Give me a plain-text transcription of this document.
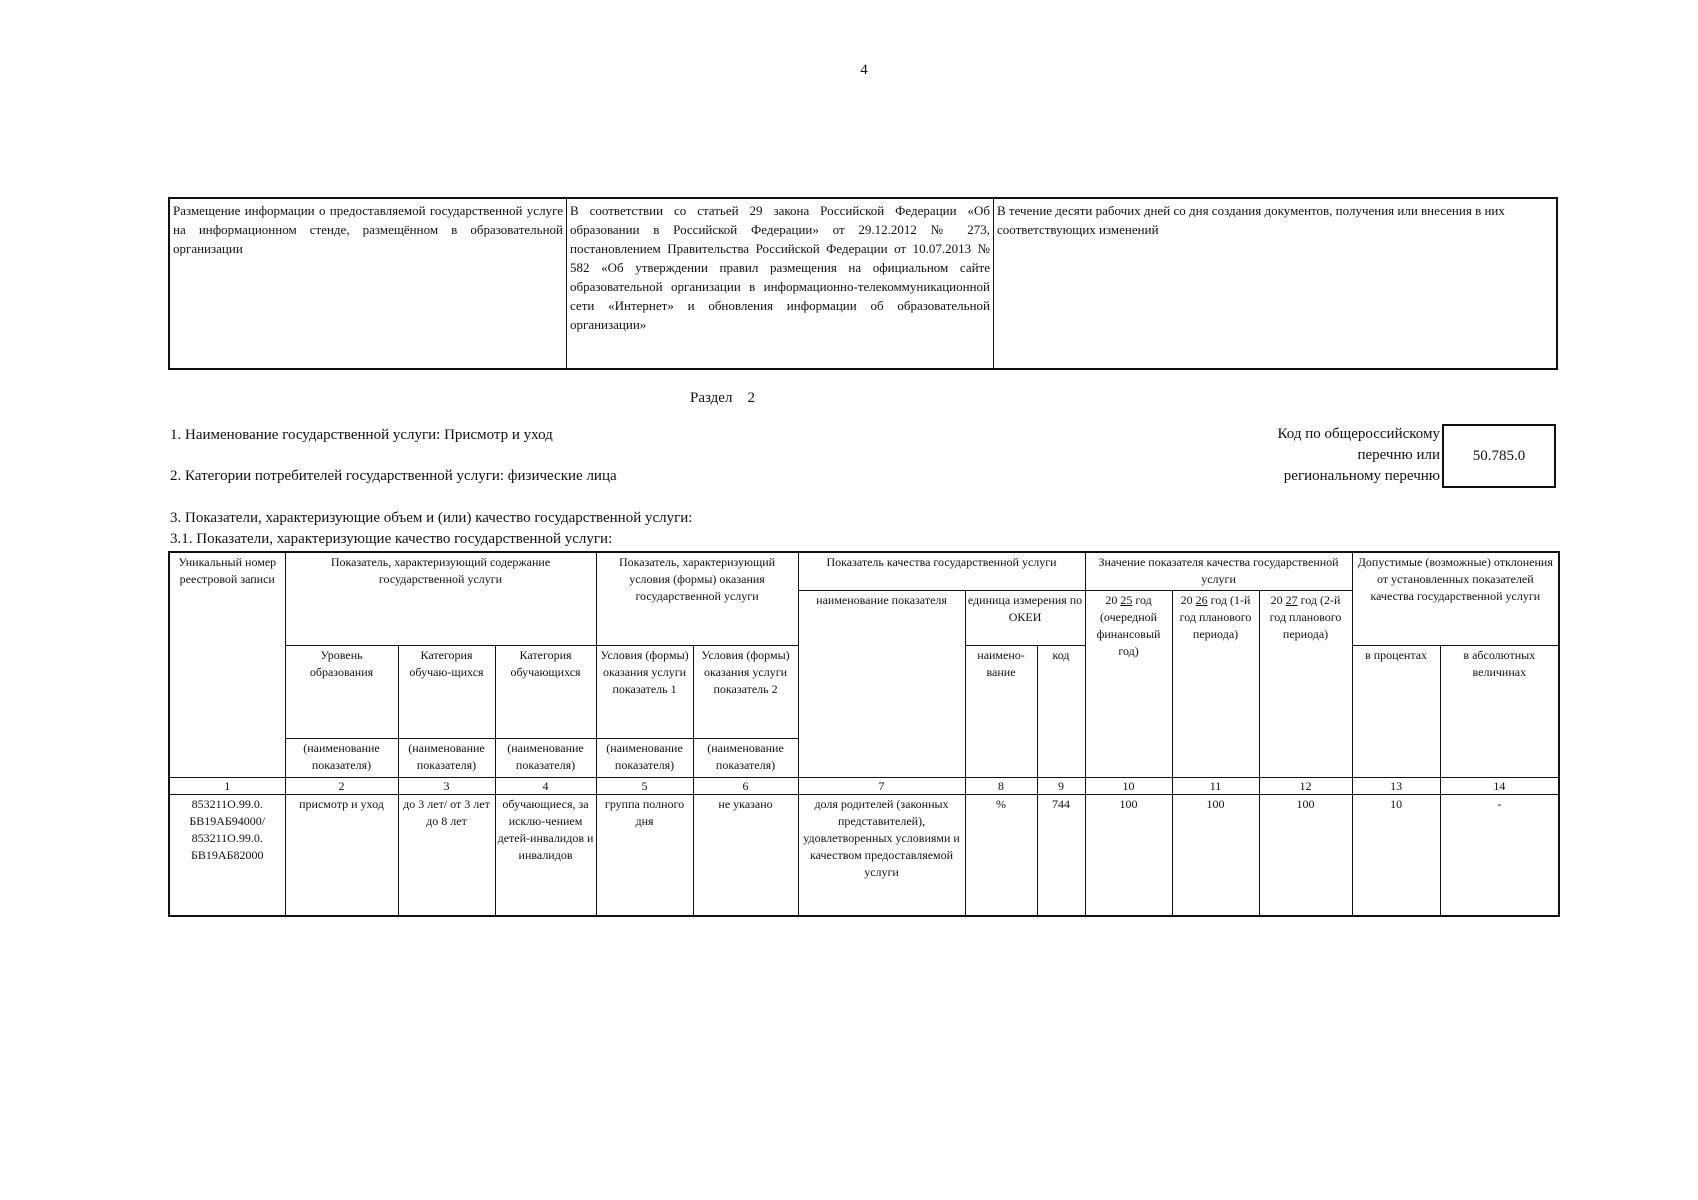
4
Размещение информации о предоставляемой государственной услуге на информационном стенде, размещённом в образовательной организации	В соответствии со статьей 29 закона Российской Федерации «Об образовании в Российской Федерации» от 29.12.2012 № 273, постановлением Правительства Российской Федерации от 10.07.2013 № 582 «Об утверждении правил размещения на официальном сайте образовательной организации в информационно-телекоммуникационной сети «Интернет» и обновления информации об образовательной организации»	В течение десяти рабочих дней со дня создания документов, получения или внесения в них соответствующих изменений
Раздел 2
1. Наименование государственной услуги: Присмотр и уход
2. Категории потребителей государственной услуги: физические лица
3. Показатели, характеризующие объем и (или) качество государственной услуги:
3.1. Показатели, характеризующие качество государственной услуги:
Код по общероссийскому
перечню или
региональному перечню
50.785.0
Уникальный номер реестровой записи	Показатель, характеризующий содержание государственной услуги			Показатель, характеризующий условия (формы) оказания государственной услуги		Показатель качества государственной услуги			Значение показателя качества государственной услуги			Допустимые (возможные) отклонения от установленных показателей качества государственной услуги	
						наименование показателя	единица измерения по ОКЕИ		20 25 год (очередной финансовый год)	20 26 год (1-й год планового периода)	20 27 год (2-й год планового периода)		
	Уровень образования	Категория обучаю-щихся	Категория обучающихся	Условия (формы) оказания услуги показатель 1	Условия (формы) оказания услуги показатель 2		наимено-вание	код				в процентах	в абсолютных величинах
	(наименование показателя)	(наименование показателя)	(наименование показателя)	(наименование показателя)	(наименование показателя)								
1	2	3	4	5	6	7	8	9	10	11	12	13	14
853211О.99.0. БВ19АБ94000/ 853211О.99.0. БВ19АБ82000	присмотр и уход	до 3 лет/ от 3 лет до 8 лет	обучающиеся, за исклю-чением детей-инвалидов и инвалидов	группа полного дня	не указано	доля родителей (законных представителей), удовлетворенных условиями и качеством предоставляемой услуги	%	744	100	100	100	10	-
